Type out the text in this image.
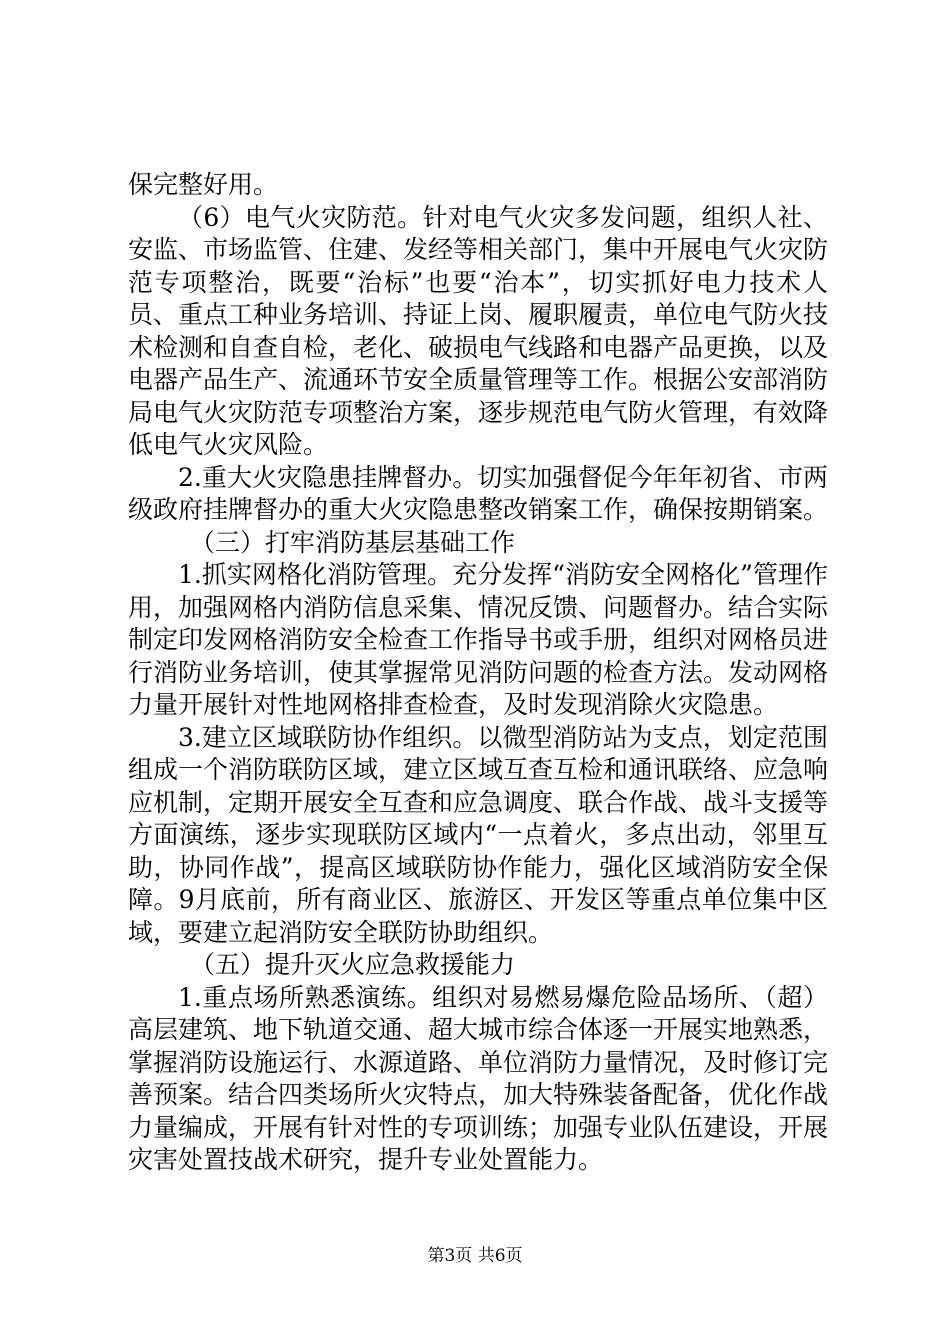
保完整好用。

（6）电气火灾防范。针对电气火灾多发问题，组织人社、安监、市场监管、住建、发经等相关部门，集中开展电气火灾防范专项整治，既要“治标”也要“治本”，切实抓好电力技术人员、重点工种业务培训、持证上岗、履职履责，单位电气防火技术检测和自查自检，老化、破损电气线路和电器产品更换，以及电器产品生产、流通环节安全质量管理等工作。根据公安部消防局电气火灾防范专项整治方案，逐步规范电气防火管理，有效降低电气火灾风险。

2.重大火灾隐患挂牌督办。切实加强督促今年年初省、市两级政府挂牌督办的重大火灾隐患整改销案工作，确保按期销案。

（三）打牢消防基层基础工作

1.抓实网格化消防管理。充分发挥“消防安全网格化”管理作用，加强网格内消防信息采集、情况反馈、问题督办。结合实际制定印发网格消防安全检查工作指导书或手册，组织对网格员进行消防业务培训，使其掌握常见消防问题的检查方法。发动网格力量开展针对性地网格排查检查，及时发现消除火灾隐患。

3.建立区域联防协作组织。以微型消防站为支点，划定范围组成一个消防联防区域，建立区域互查互检和通讯联络、应急响应机制，定期开展安全互查和应急调度、联合作战、战斗支援等方面演练，逐步实现联防区域内“一点着火，多点出动，邻里互助，协同作战”，提高区域联防协作能力，强化区域消防安全保障。9月底前，所有商业区、旅游区、开发区等重点单位集中区域，要建立起消防安全联防协助组织。

（五）提升灭火应急救援能力

1.重点场所熟悉演练。组织对易燃易爆危险品场所、（超）高层建筑、地下轨道交通、超大城市综合体逐一开展实地熟悉，掌握消防设施运行、水源道路、单位消防力量情况，及时修订完善预案。结合四类场所火灾特点，加大特殊装备配备，优化作战力量编成，开展有针对性的专项训练；加强专业队伍建设，开展灾害处置技战术研究，提升专业处置能力。

第3页 共6页
